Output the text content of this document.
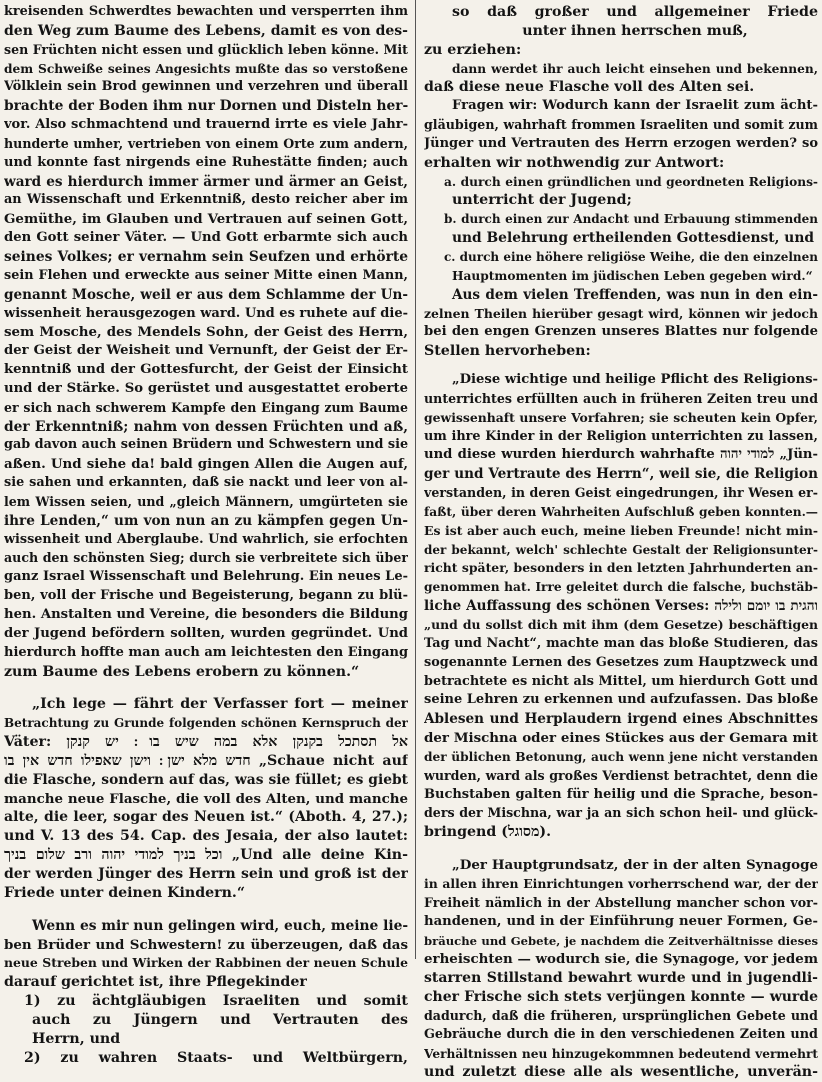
kreisenden Schwerdtes bewachten und versperrten ihm
den Weg zum Baume des Lebens, damit es von des-
sen Früchten nicht essen und glücklich leben könne. Mit
dem Schweiße seines Angesichts mußte das so verstoßene
Völklein sein Brod gewinnen und verzehren und überall
brachte der Boden ihm nur Dornen und Disteln her-
vor. Also schmachtend und trauernd irrte es viele Jahr-
hunderte umher, vertrieben von einem Orte zum andern,
und konnte fast nirgends eine Ruhestätte finden; auch
ward es hierdurch immer ärmer und ärmer an Geist,
an Wissenschaft und Erkenntniß, desto reicher aber im
Gemüthe, im Glauben und Vertrauen auf seinen Gott,
den Gott seiner Väter. — Und Gott erbarmte sich auch
seines Volkes; er vernahm sein Seufzen und erhörte
sein Flehen und erweckte aus seiner Mitte einen Mann,
genannt Mosche, weil er aus dem Schlamme der Un-
wissenheit herausgezogen ward. Und es ruhete auf die-
sem Mosche, des Mendels Sohn, der Geist des Herrn,
der Geist der Weisheit und Vernunft, der Geist der Er-
kenntniß und der Gottesfurcht, der Geist der Einsicht
und der Stärke. So gerüstet und ausgestattet eroberte
er sich nach schwerem Kampfe den Eingang zum Baume
der Erkenntniß; nahm von dessen Früchten und aß,
gab davon auch seinen Brüdern und Schwestern und sie
aßen. Und siehe da! bald gingen Allen die Augen auf,
sie sahen und erkannten, daß sie nackt und leer von al-
lem Wissen seien, und „gleich Männern, umgürteten sie
ihre Lenden,“ um von nun an zu kämpfen gegen Un-
wissenheit und Aberglaube. Und wahrlich, sie erfochten
auch den schönsten Sieg; durch sie verbreitete sich über
ganz Israel Wissenschaft und Belehrung. Ein neues Le-
ben, voll der Frische und Begeisterung, begann zu blü-
hen. Anstalten und Vereine, die besonders die Bildung
der Jugend befördern sollten, wurden gegründet. Und
hierdurch hoffte man auch am leichtesten den Eingang
zum Baume des Lebens erobern zu können.“
„Ich lege — fährt der Verfasser fort — meiner
Betrachtung zu Grunde folgenden schönen Kernspruch der
Väter: אל תסתכל בקנקן אלא במה שיש בו ׃ יש קנקן
חדש מלא ישן ׃ וישן שאפילו חדש אין בו „Schaue nicht auf
die Flasche, sondern auf das, was sie füllet; es giebt
manche neue Flasche, die voll des Alten, und manche
alte, die leer, sogar des Neuen ist.“ (Aboth. 4, 27.);
und V. 13 des 54. Cap. des Jesaia, der also lautet:
וכל בניך למודי יהוה ורב שלום בניך „Und alle deine Kin-
der werden Jünger des Herrn sein und groß ist der
Friede unter deinen Kindern.“
Wenn es mir nun gelingen wird, euch, meine lie-
ben Brüder und Schwestern! zu überzeugen, daß das
neue Streben und Wirken der Rabbinen der neuen Schule
darauf gerichtet ist, ihre Pflegekinder
1) zu ächtgläubigen Israeliten und somit
auch zu Jüngern und Vertrauten des
Herrn, und
2) zu wahren Staats- und Weltbürgern,
so daß großer und allgemeiner Friede
unter ihnen herrschen muß,
zu erziehen:
dann werdet ihr auch leicht einsehen und bekennen,
daß diese neue Flasche voll des Alten sei.
Fragen wir: Wodurch kann der Israelit zum ächt-
gläubigen, wahrhaft frommen Israeliten und somit zum
Jünger und Vertrauten des Herrn erzogen werden? so
erhalten wir nothwendig zur Antwort:
a. durch einen gründlichen und geordneten Religions-
unterricht der Jugend;
b. durch einen zur Andacht und Erbauung stimmenden
und Belehrung ertheilenden Gottesdienst, und
c. durch eine höhere religiöse Weihe, die den einzelnen
Hauptmomenten im jüdischen Leben gegeben wird.“
Aus dem vielen Treffenden, was nun in den ein-
zelnen Theilen hierüber gesagt wird, können wir jedoch
bei den engen Grenzen unseres Blattes nur folgende
Stellen hervorheben:
„Diese wichtige und heilige Pflicht des Religions-
unterrichtes erfüllten auch in früheren Zeiten treu und
gewissenhaft unsere Vorfahren; sie scheuten kein Opfer,
um ihre Kinder in der Religion unterrichten zu lassen,
und diese wurden hierdurch wahrhafte למודי יהוה „Jün-
ger und Vertraute des Herrn“, weil sie, die Religion
verstanden, in deren Geist eingedrungen, ihr Wesen er-
faßt, über deren Wahrheiten Aufschluß geben konnten.—
Es ist aber auch euch, meine lieben Freunde! nicht min-
der bekannt, welch' schlechte Gestalt der Religionsunter-
richt später, besonders in den letzten Jahrhunderten an-
genommen hat. Irre geleitet durch die falsche, buchstäb-
liche Auffassung des schönen Verses: והגית בו יומם ולילה
„und du sollst dich mit ihm (dem Gesetze) beschäftigen
Tag und Nacht“, machte man das bloße Studieren, das
sogenannte Lernen des Gesetzes zum Hauptzweck und
betrachtete es nicht als Mittel, um hierdurch Gott und
seine Lehren zu erkennen und aufzufassen. Das bloße
Ablesen und Herplaudern irgend eines Abschnittes
der Mischna oder eines Stückes aus der Gemara mit
der üblichen Betonung, auch wenn jene nicht verstanden
wurden, ward als großes Verdienst betrachtet, denn die
Buchstaben galten für heilig und die Sprache, beson-
ders der Mischna, war ja an sich schon heil- und glück-
bringend (מסוגל).
„Der Hauptgrundsatz, der in der alten Synagoge
in allen ihren Einrichtungen vorherrschend war, der der
Freiheit nämlich in der Abstellung mancher schon vor-
handenen, und in der Einführung neuer Formen, Ge-
bräuche und Gebete, je nachdem die Zeitverhältnisse dieses
erheischten — wodurch sie, die Synagoge, vor jedem
starren Stillstand bewahrt wurde und in jugendli-
cher Frische sich stets verjüngen konnte — wurde
dadurch, daß die früheren, ursprünglichen Gebete und
Gebräuche durch die in den verschiedenen Zeiten und
Verhältnissen neu hinzugekommnen bedeutend vermehrt
und zuletzt diese alle als wesentliche, unverän-
